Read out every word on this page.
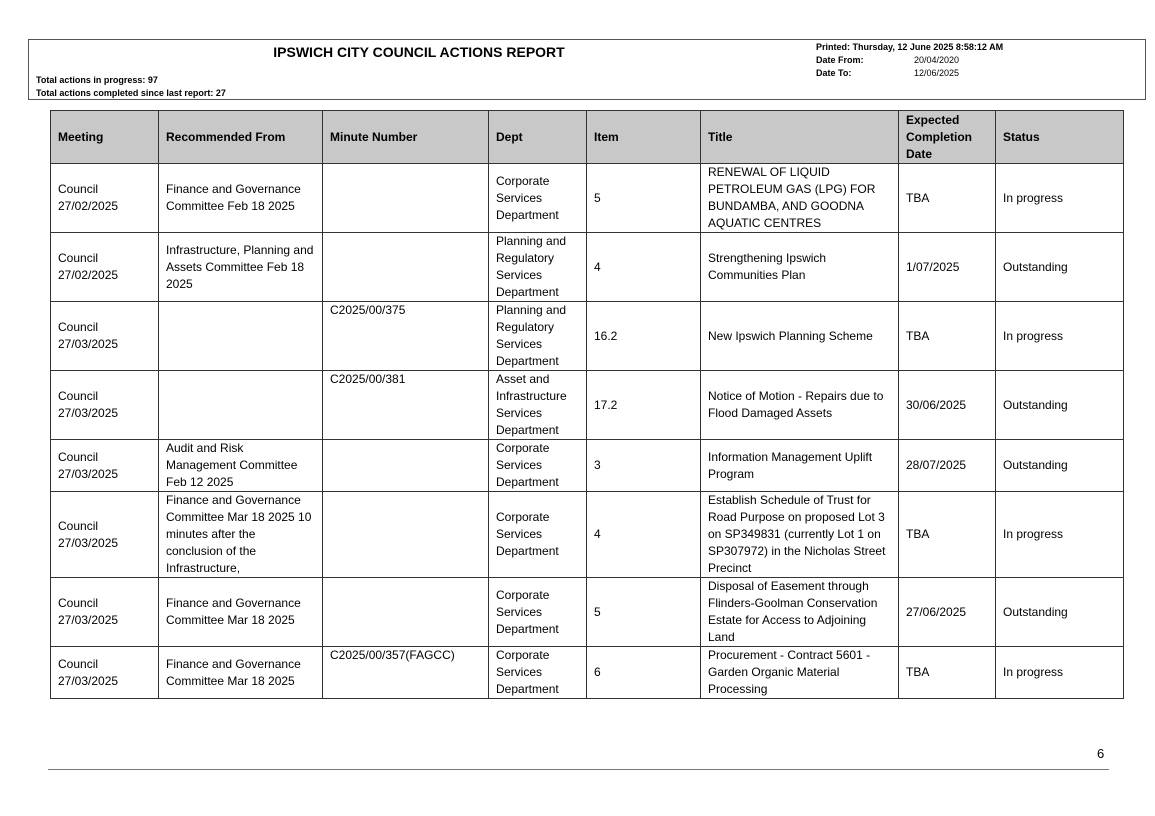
IPSWICH CITY COUNCIL ACTIONS REPORT
Total actions in progress: 97
Total actions completed since last report: 27
Printed: Thursday, 12 June 2025 8:58:12 AM
Date From:	20/04/2020
Date To:	12/06/2025
Meeting	Recommended From	Minute Number	Dept	Item	Title	Expected Completion Date	Status
Council 27/02/2025	Finance and Governance Committee Feb 18 2025		Corporate Services Department	5	RENEWAL OF LIQUID PETROLEUM GAS (LPG) FOR BUNDAMBA, AND GOODNA AQUATIC CENTRES	TBA	In progress
Council 27/02/2025	Infrastructure, Planning and Assets Committee Feb 18 2025		Planning and Regulatory Services Department	4	Strengthening Ipswich Communities Plan	1/07/2025	Outstanding
Council 27/03/2025		C2025/00/375	Planning and Regulatory Services Department	16.2	New Ipswich Planning Scheme	TBA	In progress
Council 27/03/2025		C2025/00/381	Asset and Infrastructure Services Department	17.2	Notice of Motion - Repairs due to Flood Damaged Assets	30/06/2025	Outstanding
Council 27/03/2025	Audit and Risk Management Committee Feb 12 2025		Corporate Services Department	3	Information Management Uplift Program	28/07/2025	Outstanding
Council 27/03/2025	Finance and Governance Committee Mar 18 2025 10 minutes after the conclusion of the Infrastructure,		Corporate Services Department	4	Establish Schedule of Trust for Road Purpose on proposed Lot 3 on SP349831 (currently Lot 1 on SP307972) in the Nicholas Street Precinct	TBA	In progress
Council 27/03/2025	Finance and Governance Committee Mar 18 2025		Corporate Services Department	5	Disposal of Easement through Flinders-Goolman Conservation Estate for Access to Adjoining Land	27/06/2025	Outstanding
Council 27/03/2025	Finance and Governance Committee Mar 18 2025	C2025/00/357(FAGCC)	Corporate Services Department	6	Procurement - Contract 5601 - Garden Organic Material Processing	TBA	In progress
6
